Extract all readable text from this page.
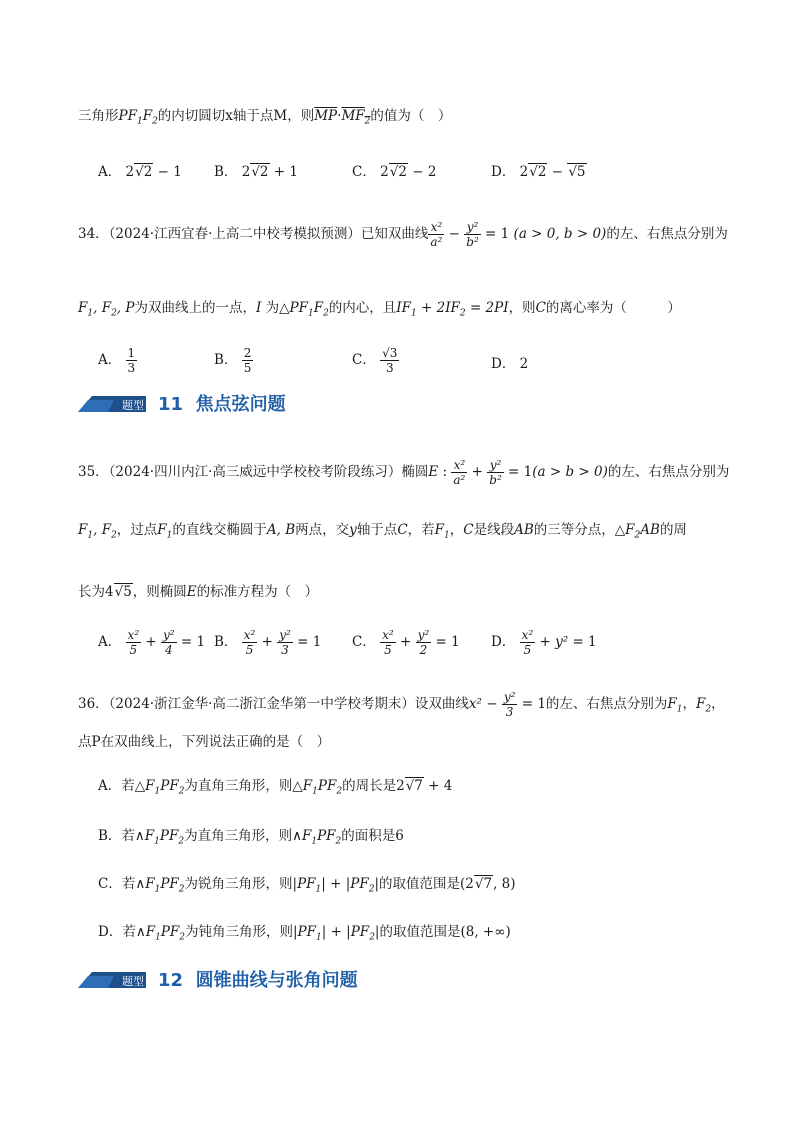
三角形$PF_1F_2$的内切圆切x轴于点M，则$\overline{MP}\cdot MF_2$的值为（　）
A． 2√2 − 1 B． 2√2 + 1	C． 2√2 − 2	D． 2√2 − √5
34．（2024·江西宜春·上高二中校考模拟预测）已知双曲线 $\frac{\text{x²}}{\text{a²}} - \frac{\text{y²}}{\text{b²}} = 1$ (a > 0, b > 0)的左、右焦点分别为
$F_1$, $F_2$, P为双曲线上的一点，I 为$\triangle PF_1F_2$的内心，且$IF_1 + 2IF_2 = 2PI$，则C的离心率为（　　　）
A． $\frac{1}{3}$	B． $\frac{2}{5}$	C． $\frac{√3}{3}$	D． 2
题型 11 焦点弦问题
35．（2024·四川内江·高三威远中学校校考阶段练习）椭圆E : $\frac{\text{x²}}{\text{a²}} + \frac{\text{y²}}{\text{b²}} = 1(a > b > 0)$的左、右焦点分别为
$F_1$, $F_2$，过点$F_1$的直线交椭圆于A, B两点，交y轴于点C，若$F_1$，C是线段AB的三等分点，$\triangle F_2AB$的周
长为4√5，则椭圆E的标准方程为（　）
A． $\frac{\text{x²}}{5} + \frac{\text{y²}}{4} = 1$ B． $\frac{\text{x²}}{5} + \frac{\text{y²}}{3} = 1$ C． $\frac{\text{x²}}{5} + \frac{\text{y²}}{2} = 1$ D． $\frac{\text{x²}}{5} + y^2 = 1$
36．（2024·浙江金华·高二浙江金华第一中学校考期末）设双曲线$x^2 - \frac{\text{y²}}{3} = 1$的左、右焦点分别为$F_1$，$F_2$，
点P在双曲线上，下列说法正确的是（　）
A．若$\triangle F_1PF_2$为直角三角形，则$\triangle F_1PF_2$的周长是2√7 + 4
B．若$\wedge F_1PF_2$为直角三角形，则$\wedge F_1PF_2$的面积是6
C．若$\wedge F_1PF_2$为锐角三角形，则$|PF_1| + |PF_2|$的取值范围是(2√7, 8)
D．若$\wedge F_1PF_2$为钝角三角形，则$|PF_1| + |PF_2|$的取值范围是(8, +∞)
题型 12 圆锥曲线与张角问题
